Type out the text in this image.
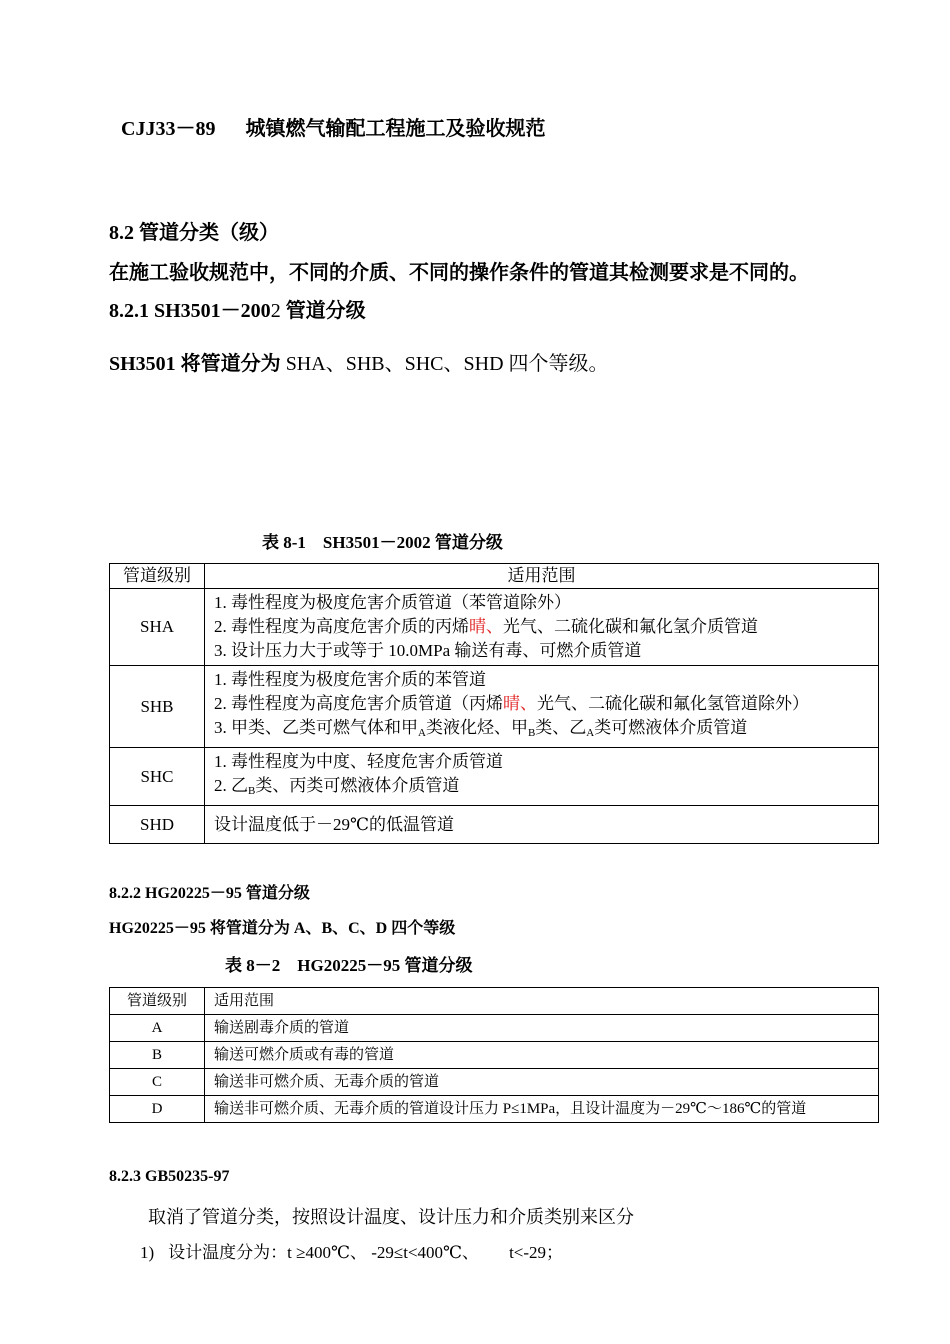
CJJ33－89 城镇燃气输配工程施工及验收规范
8.2 管道分类（级）
在施工验收规范中，不同的介质、不同的操作条件的管道其检测要求是不同的。
8.2.1 SH3501－2002 管道分级
SH3501 将管道分为 SHA、SHB、SHC、SHD 四个等级。
表 8-1　SH3501－2002 管道分级
管道级别	适用范围
SHA	1. 毒性程度为极度危害介质管道（苯管道除外）
2. 毒性程度为高度危害介质的丙烯晴、光气、二硫化碳和氟化氢介质管道
3. 设计压力大于或等于 10.0MPa 输送有毒、可燃介质管道

SHB	1. 毒性程度为极度危害介质的苯管道
2. 毒性程度为高度危害介质管道（丙烯晴、光气、二硫化碳和氟化氢管道除外）
3. 甲类、乙类可燃气体和甲$_A$类液化烃、甲$_B$类、乙$_A$类可燃液体介质管道

SHC	1. 毒性程度为中度、轻度危害介质管道
2. 乙$_B$类、丙类可燃液体介质管道

SHD	设计温度低于－29℃的低温管道
8.2.2 HG20225－95 管道分级
HG20225－95 将管道分为 A、B、C、D 四个等级
表 8－2　HG20225－95 管道分级
管道级别	适用范围
A	输送剧毒介质的管道
B	输送可燃介质或有毒的管道
C	输送非可燃介质、无毒介质的管道
D	输送非可燃介质、无毒介质的管道设计压力 P≤1MPa，且设计温度为－29℃～186℃的管道
8.2.3 GB50235-97
取消了管道分类，按照设计温度、设计压力和介质类别来区分
1) 设计温度分为：t ≥400℃、 -29≤t<400℃、 t<-29；
